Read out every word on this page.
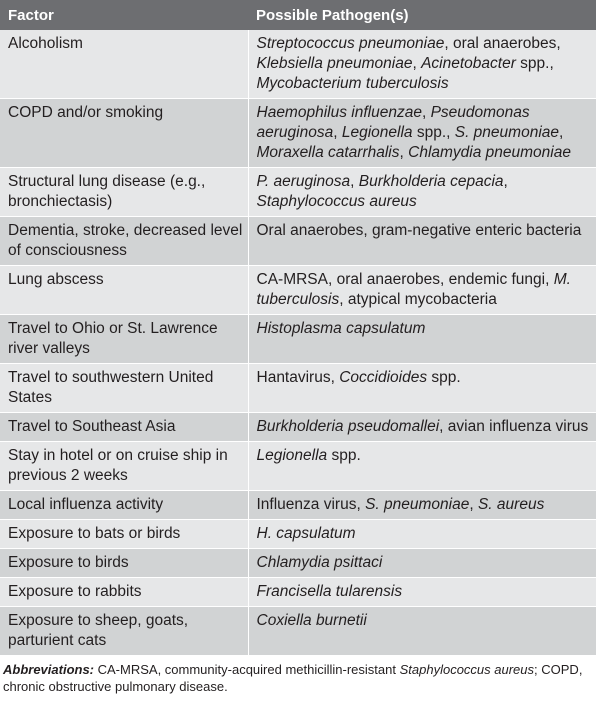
Factor	Possible Pathogen(s)
Alcoholism	Streptococcus pneumoniae, oral anaerobes, Klebsiella pneumoniae, Acinetobacter spp., Mycobacterium tuberculosis
COPD and/or smoking	Haemophilus influenzae, Pseudomonas aeruginosa, Legionella spp., S. pneumoniae, Moraxella catarrhalis, Chlamydia pneumoniae
Structural lung disease (e.g., bronchiectasis)	P. aeruginosa, Burkholderia cepacia, Staphylococcus aureus
Dementia, stroke, decreased level of consciousness	Oral anaerobes, gram-negative enteric bacteria
Lung abscess	CA-MRSA, oral anaerobes, endemic fungi, M. tuberculosis, atypical mycobacteria
Travel to Ohio or St. Lawrence river valleys	Histoplasma capsulatum
Travel to southwestern United States	Hantavirus, Coccidioides spp.
Travel to Southeast Asia	Burkholderia pseudomallei, avian influenza virus
Stay in hotel or on cruise ship in previous 2 weeks	Legionella spp.
Local influenza activity	Influenza virus, S. pneumoniae, S. aureus
Exposure to bats or birds	H. capsulatum
Exposure to birds	Chlamydia psittaci
Exposure to rabbits	Francisella tularensis
Exposure to sheep, goats, parturient cats	Coxiella burnetii
Abbreviations: CA-MRSA, community-acquired methicillin-resistant Staphylococcus aureus; COPD, chronic obstructive pulmonary disease.
